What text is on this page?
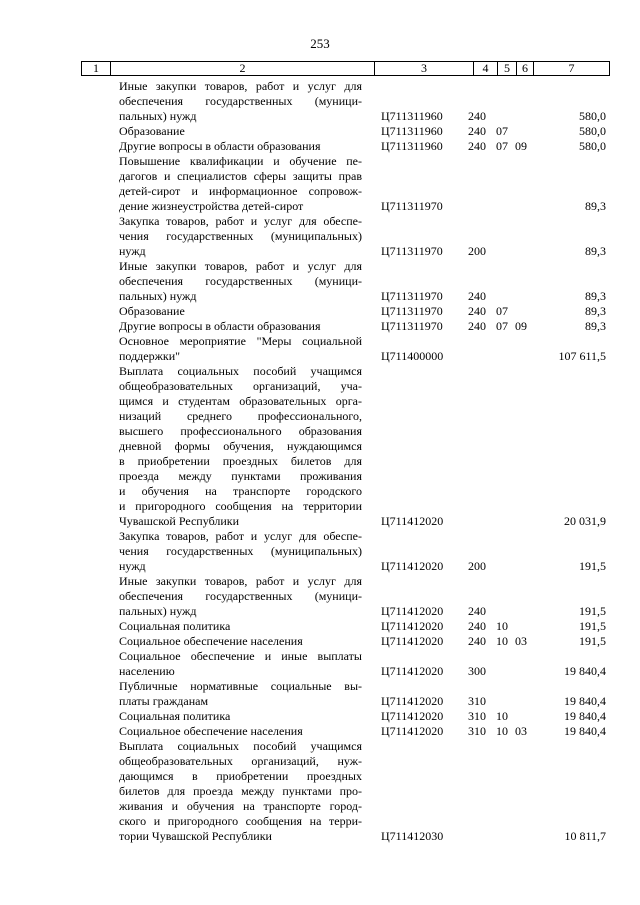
253
1	2	3	4	5	6	7
Иные закупки товаров, работ и услуг для
обеспечения государственных (муници-
пальных) нужд	Ц711311960 240	580,0
Образование	Ц711311960 240 07	580,0
Другие вопросы в области образования	Ц711311960 240 07 09	580,0
Повышение квалификации и обучение пе-
дагогов и специалистов сферы защиты прав
детей-сирот и информационное сопровож-
дение жизнеустройства детей-сирот	Ц711311970	89,3
Закупка товаров, работ и услуг для обеспе-
чения государственных (муниципальных)
нужд	Ц711311970 200	89,3
Иные закупки товаров, работ и услуг для
обеспечения государственных (муници-
пальных) нужд	Ц711311970 240	89,3
Образование	Ц711311970 240 07	89,3
Другие вопросы в области образования	Ц711311970 240 07 09	89,3
Основное мероприятие "Меры социальной
поддержки"	Ц711400000	107 611,5
Выплата социальных пособий учащимся
общеобразовательных организаций, уча-
щимся и студентам образовательных орга-
низаций среднего профессионального,
высшего профессионального образования
дневной формы обучения, нуждающимся
в приобретении проездных билетов для
проезда между пунктами проживания
и обучения на транспорте городского
и пригородного сообщения на территории
Чувашской Республики	Ц711412020	20 031,9
Закупка товаров, работ и услуг для обеспе-
чения государственных (муниципальных)
нужд	Ц711412020 200	191,5
Иные закупки товаров, работ и услуг для
обеспечения государственных (муници-
пальных) нужд	Ц711412020 240	191,5
Социальная политика	Ц711412020 240 10	191,5
Социальное обеспечение населения	Ц711412020 240 10 03	191,5
Социальное обеспечение и иные выплаты
населению	Ц711412020 300	19 840,4
Публичные нормативные социальные вы-
платы гражданам	Ц711412020 310	19 840,4
Социальная политика	Ц711412020 310 10	19 840,4
Социальное обеспечение населения	Ц711412020 310 10 03	19 840,4
Выплата социальных пособий учащимся
общеобразовательных организаций, нуж-
дающимся в приобретении проездных
билетов для проезда между пунктами про-
живания и обучения на транспорте город-
ского и пригородного сообщения на терри-
тории Чувашской Республики	Ц711412030	10 811,7
